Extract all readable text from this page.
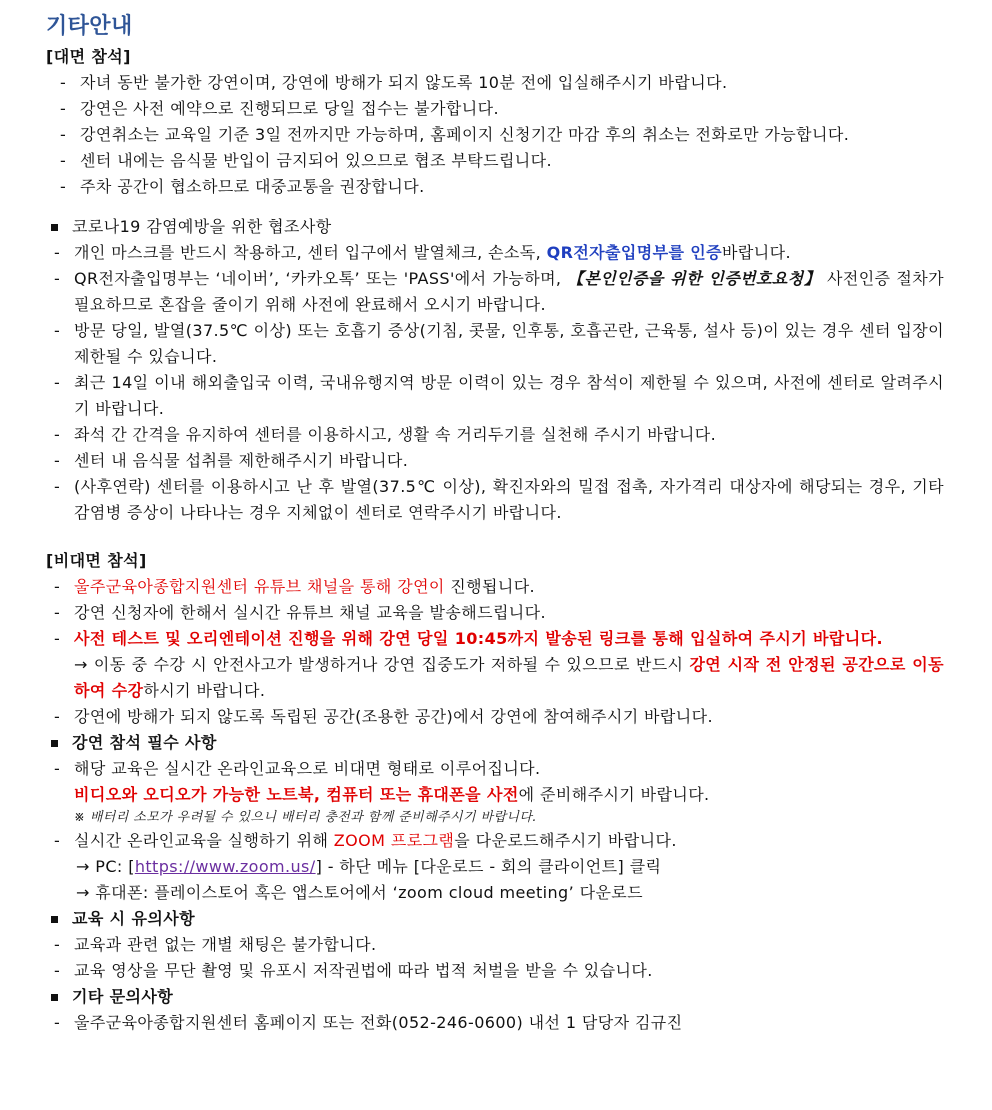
기타안내
[대면 참석]
- 자녀 동반 불가한 강연이며, 강연에 방해가 되지 않도록 10분 전에 입실해주시기 바랍니다.
- 강연은 사전 예약으로 진행되므로 당일 접수는 불가합니다.
- 강연취소는 교육일 기준 3일 전까지만 가능하며, 홈페이지 신청기간 마감 후의 취소는 전화로만 가능합니다.
- 센터 내에는 음식물 반입이 금지되어 있으므로 협조 부탁드립니다.
- 주차 공간이 협소하므로 대중교통을 권장합니다.
코로나19 감염예방을 위한 협조사항
- 개인 마스크를 반드시 착용하고, 센터 입구에서 발열체크, 손소독, QR전자출입명부를 인증바랍니다.
- QR전자출입명부는 ‘네이버’, ‘카카오톡’ 또는 'PASS'에서 가능하며, 【본인인증을 위한 인증번호요청】 사전인증 절차가 필요하므로 혼잡을 줄이기 위해 사전에 완료해서 오시기 바랍니다.
- 방문 당일, 발열(37.5℃ 이상) 또는 호흡기 증상(기침, 콧물, 인후통, 호흡곤란, 근육통, 설사 등)이 있는 경우 센터 입장이 제한될 수 있습니다.
- 최근 14일 이내 해외출입국 이력, 국내유행지역 방문 이력이 있는 경우 참석이 제한될 수 있으며, 사전에 센터로 알려주시기 바랍니다.
- 좌석 간 간격을 유지하여 센터를 이용하시고, 생활 속 거리두기를 실천해 주시기 바랍니다.
- 센터 내 음식물 섭취를 제한해주시기 바랍니다.
- (사후연락) 센터를 이용하시고 난 후 발열(37.5℃ 이상), 확진자와의 밀접 접촉, 자가격리 대상자에 해당되는 경우, 기타 감염병 증상이 나타나는 경우 지체없이 센터로 연락주시기 바랍니다.
[비대면 참석]
- 울주군육아종합지원센터 유튜브 채널을 통해 강연이 진행됩니다.
- 강연 신청자에 한해서 실시간 유튜브 채널 교육을 발송해드립니다.
- 사전 테스트 및 오리엔테이션 진행을 위해 강연 당일 10:45까지 발송된 링크를 통해 입실하여 주시기 바랍니다.
→ 이동 중 수강 시 안전사고가 발생하거나 강연 집중도가 저하될 수 있으므로 반드시 강연 시작 전 안정된 공간으로 이동하여 수강하시기 바랍니다.
- 강연에 방해가 되지 않도록 독립된 공간(조용한 공간)에서 강연에 참여해주시기 바랍니다.
강연 참석 필수 사항
- 해당 교육은 실시간 온라인교육으로 비대면 형태로 이루어집니다.
비디오와 오디오가 가능한 노트북, 컴퓨터 또는 휴대폰을 사전에 준비해주시기 바랍니다.
※ 배터리 소모가 우려될 수 있으니 배터리 충전과 함께 준비해주시기 바랍니다.
- 실시간 온라인교육을 실행하기 위해 ZOOM 프로그램을 다운로드해주시기 바랍니다.
→ PC: [https://www.zoom.us/] - 하단 메뉴 [다운로드 - 회의 클라이언트] 클릭
→ 휴대폰: 플레이스토어 혹은 앱스토어에서 ‘zoom cloud meeting’ 다운로드
교육 시 유의사항
- 교육과 관련 없는 개별 채팅은 불가합니다.
- 교육 영상을 무단 촬영 및 유포시 저작권법에 따라 법적 처벌을 받을 수 있습니다.
기타 문의사항
- 울주군육아종합지원센터 홈페이지 또는 전화(052-246-0600) 내선 1 담당자 김규진
